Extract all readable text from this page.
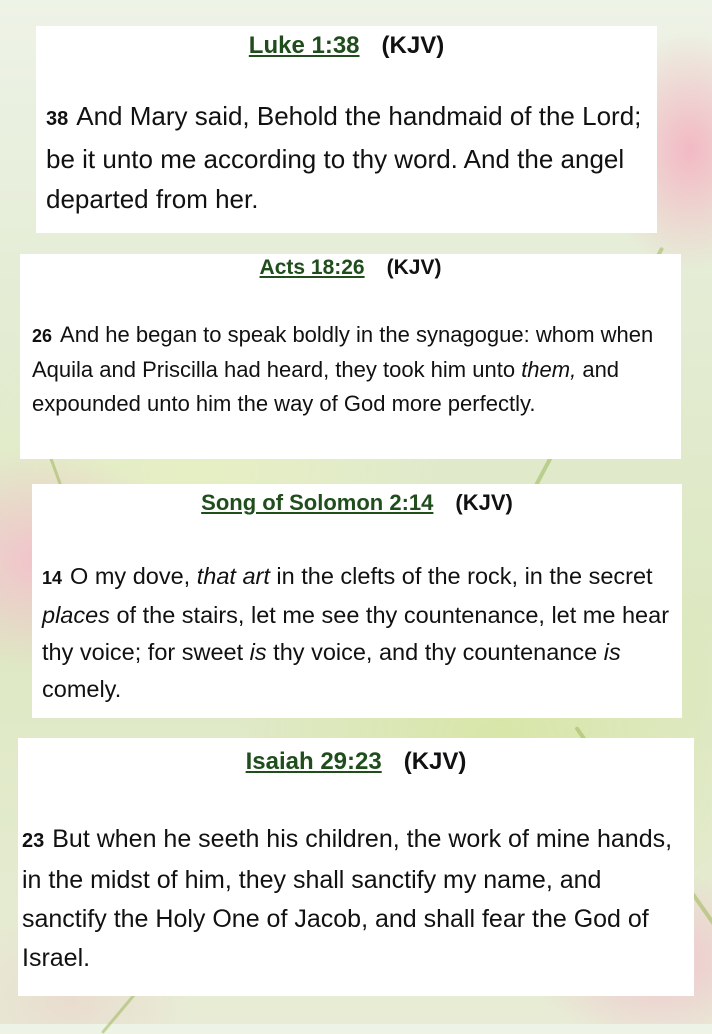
Luke 1:38 (KJV)

38 And Mary said, Behold the handmaid of the Lord; be it unto me according to thy word. And the angel departed from her.

Acts 18:26 (KJV)

26 And he began to speak boldly in the synagogue: whom when Aquila and Priscilla had heard, they took him unto them, and expounded unto him the way of God more perfectly.

Song of Solomon 2:14 (KJV)

14 O my dove, that art in the clefts of the rock, in the secret places of the stairs, let me see thy countenance, let me hear thy voice; for sweet is thy voice, and thy countenance is comely.

Isaiah 29:23 (KJV)

23 But when he seeth his children, the work of mine hands, in the midst of him, they shall sanctify my name, and sanctify the Holy One of Jacob, and shall fear the God of Israel.
